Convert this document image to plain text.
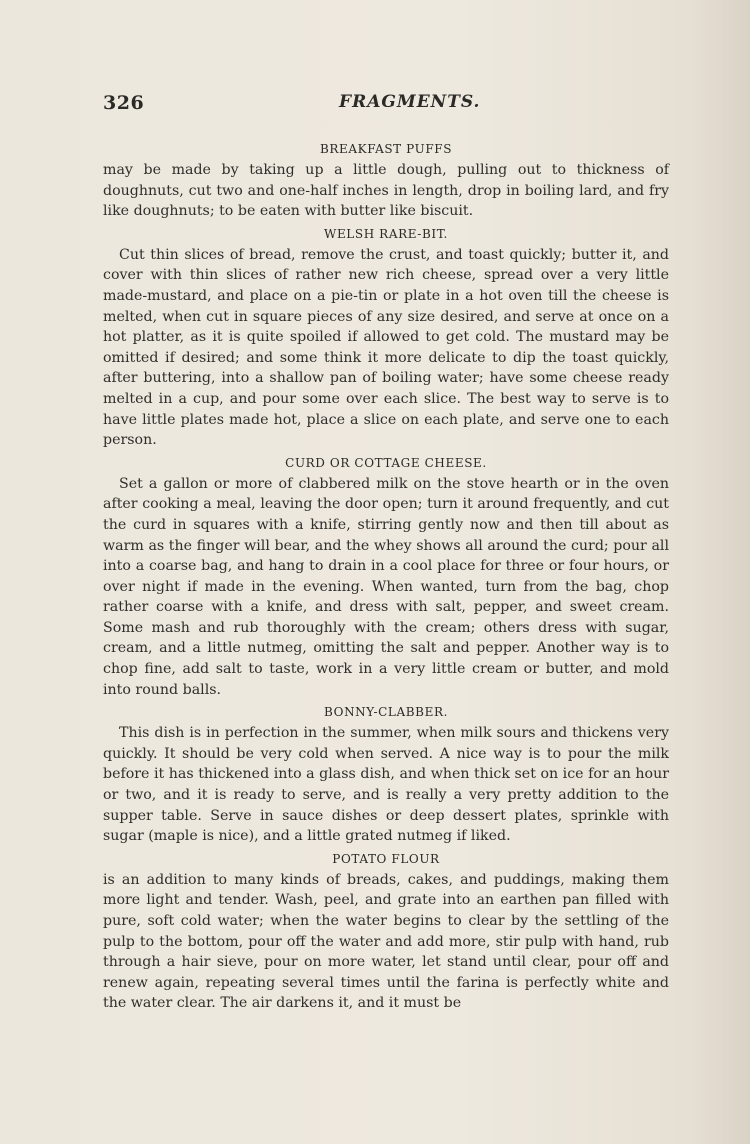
326	FRAGMENTS.
BREAKFAST PUFFS

may be made by taking up a little dough, pulling out to thickness of doughnuts, cut two and one-half inches in length, drop in boiling lard, and fry like doughnuts; to be eaten with butter like biscuit.

WELSH RARE-BIT.

Cut thin slices of bread, remove the crust, and toast quickly; butter it, and cover with thin slices of rather new rich cheese, spread over a very little made-mustard, and place on a pie-tin or plate in a hot oven till the cheese is melted, when cut in square pieces of any size desired, and serve at once on a hot platter, as it is quite spoiled if allowed to get cold. The mustard may be omitted if desired; and some think it more delicate to dip the toast quickly, after buttering, into a shallow pan of boiling water; have some cheese ready melted in a cup, and pour some over each slice. The best way to serve is to have little plates made hot, place a slice on each plate, and serve one to each person.

CURD OR COTTAGE CHEESE.

Set a gallon or more of clabbered milk on the stove hearth or in the oven after cooking a meal, leaving the door open; turn it around frequently, and cut the curd in squares with a knife, stirring gently now and then till about as warm as the finger will bear, and the whey shows all around the curd; pour all into a coarse bag, and hang to drain in a cool place for three or four hours, or over night if made in the evening. When wanted, turn from the bag, chop rather coarse with a knife, and dress with salt, pepper, and sweet cream. Some mash and rub thoroughly with the cream; others dress with sugar, cream, and a little nutmeg, omitting the salt and pepper. Another way is to chop fine, add salt to taste, work in a very little cream or butter, and mold into round balls.

BONNY-CLABBER.

This dish is in perfection in the summer, when milk sours and thickens very quickly. It should be very cold when served. A nice way is to pour the milk before it has thickened into a glass dish, and when thick set on ice for an hour or two, and it is ready to serve, and is really a very pretty addition to the supper table. Serve in sauce dishes or deep dessert plates, sprinkle with sugar (maple is nice), and a little grated nutmeg if liked.

POTATO FLOUR

is an addition to many kinds of breads, cakes, and puddings, making them more light and tender. Wash, peel, and grate into an earthen pan filled with pure, soft cold water; when the water begins to clear by the settling of the pulp to the bottom, pour off the water and add more, stir pulp with hand, rub through a hair sieve, pour on more water, let stand until clear, pour off and renew again, repeating several times until the farina is perfectly white and the water clear. The air darkens it, and it must be
